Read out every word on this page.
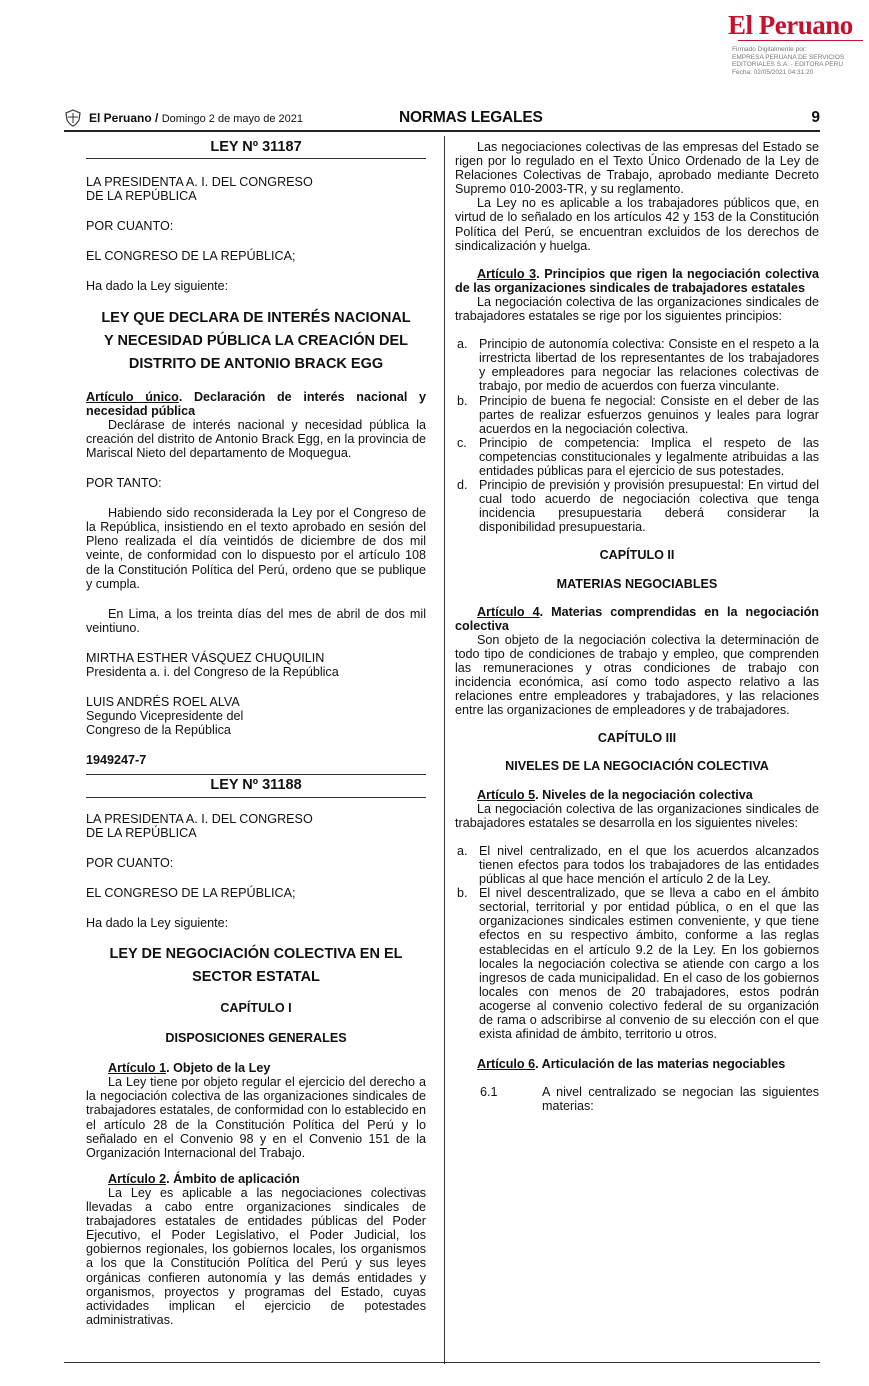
El Peruano
Firmado Digitalmente por:
EMPRESA PERUANA DE SERVICIOS
EDITORIALES S.A. - EDITORA PERU
Fecha: 02/05/2021 04:31:20
El Peruano / Domingo 2 de mayo de 2021	NORMAS LEGALES	9

LEY Nº 31187

LA PRESIDENTA A. I. DEL CONGRESO
DE LA REPÚBLICA

POR CUANTO:

EL CONGRESO DE LA REPÚBLICA;

Ha dado la Ley siguiente:

LEY QUE DECLARA DE INTERÉS NACIONAL
Y NECESIDAD PÚBLICA LA CREACIÓN DEL
DISTRITO DE ANTONIO BRACK EGG

Artículo único. Declaración de interés nacional y necesidad pública

Declárase de interés nacional y necesidad pública la creación del distrito de Antonio Brack Egg, en la provincia de Mariscal Nieto del departamento de Moquegua.

POR TANTO:

Habiendo sido reconsiderada la Ley por el Congreso de la República, insistiendo en el texto aprobado en sesión del Pleno realizada el día veintidós de diciembre de dos mil veinte, de conformidad con lo dispuesto por el artículo 108 de la Constitución Política del Perú, ordeno que se publique y cumpla.

En Lima, a los treinta días del mes de abril de dos mil veintiuno.

MIRTHA ESTHER VÁSQUEZ CHUQUILIN

Presidenta a. i. del Congreso de la República

LUIS ANDRÉS ROEL ALVA

Segundo Vicepresidente del
Congreso de la República

1949247-7

LEY Nº 31188

LA PRESIDENTA A. I. DEL CONGRESO
DE LA REPÚBLICA

POR CUANTO:

EL CONGRESO DE LA REPÚBLICA;

Ha dado la Ley siguiente:

LEY DE NEGOCIACIÓN COLECTIVA EN EL
SECTOR ESTATAL

CAPÍTULO I

DISPOSICIONES GENERALES

Artículo 1. Objeto de la Ley

La Ley tiene por objeto regular el ejercicio del derecho a la negociación colectiva de las organizaciones sindicales de trabajadores estatales, de conformidad con lo establecido en el artículo 28 de la Constitución Política del Perú y lo señalado en el Convenio 98 y en el Convenio 151 de la Organización Internacional del Trabajo.

Artículo 2. Ámbito de aplicación

La Ley es aplicable a las negociaciones colectivas llevadas a cabo entre organizaciones sindicales de trabajadores estatales de entidades públicas del Poder Ejecutivo, el Poder Legislativo, el Poder Judicial, los gobiernos regionales, los gobiernos locales, los organismos a los que la Constitución Política del Perú y sus leyes orgánicas confieren autonomía y las demás entidades y organismos, proyectos y programas del Estado, cuyas actividades implican el ejercicio de potestades administrativas.

Las negociaciones colectivas de las empresas del Estado se rigen por lo regulado en el Texto Único Ordenado de la Ley de Relaciones Colectivas de Trabajo, aprobado mediante Decreto Supremo 010-2003-TR, y su reglamento.

La Ley no es aplicable a los trabajadores públicos que, en virtud de lo señalado en los artículos 42 y 153 de la Constitución Política del Perú, se encuentran excluidos de los derechos de sindicalización y huelga.

Artículo 3. Principios que rigen la negociación colectiva de las organizaciones sindicales de trabajadores estatales

La negociación colectiva de las organizaciones sindicales de trabajadores estatales se rige por los siguientes principios:

a. Principio de autonomía colectiva: Consiste en el respeto a la irrestricta libertad de los representantes de los trabajadores y empleadores para negociar las relaciones colectivas de trabajo, por medio de acuerdos con fuerza vinculante.
b. Principio de buena fe negocial: Consiste en el deber de las partes de realizar esfuerzos genuinos y leales para lograr acuerdos en la negociación colectiva.
c. Principio de competencia: Implica el respeto de las competencias constitucionales y legalmente atribuidas a las entidades públicas para el ejercicio de sus potestades.
d. Principio de previsión y provisión presupuestal: En virtud del cual todo acuerdo de negociación colectiva que tenga incidencia presupuestaria deberá considerar la disponibilidad presupuestaria.

CAPÍTULO II

MATERIAS NEGOCIABLES

Artículo 4. Materias comprendidas en la negociación colectiva

Son objeto de la negociación colectiva la determinación de todo tipo de condiciones de trabajo y empleo, que comprenden las remuneraciones y otras condiciones de trabajo con incidencia económica, así como todo aspecto relativo a las relaciones entre empleadores y trabajadores, y las relaciones entre las organizaciones de empleadores y de trabajadores.

CAPÍTULO III

NIVELES DE LA NEGOCIACIÓN COLECTIVA

Artículo 5. Niveles de la negociación colectiva

La negociación colectiva de las organizaciones sindicales de trabajadores estatales se desarrolla en los siguientes niveles:

a. El nivel centralizado, en el que los acuerdos alcanzados tienen efectos para todos los trabajadores de las entidades públicas al que hace mención el artículo 2 de la Ley.
b. El nivel descentralizado, que se lleva a cabo en el ámbito sectorial, territorial y por entidad pública, o en el que las organizaciones sindicales estimen conveniente, y que tiene efectos en su respectivo ámbito, conforme a las reglas establecidas en el artículo 9.2 de la Ley. En los gobiernos locales la negociación colectiva se atiende con cargo a los ingresos de cada municipalidad. En el caso de los gobiernos locales con menos de 20 trabajadores, estos podrán acogerse al convenio colectivo federal de su organización de rama o adscribirse al convenio de su elección con el que exista afinidad de ámbito, territorio u otros.

Artículo 6. Articulación de las materias negociables

6.1	A nivel centralizado se negocian las siguientes materias:
